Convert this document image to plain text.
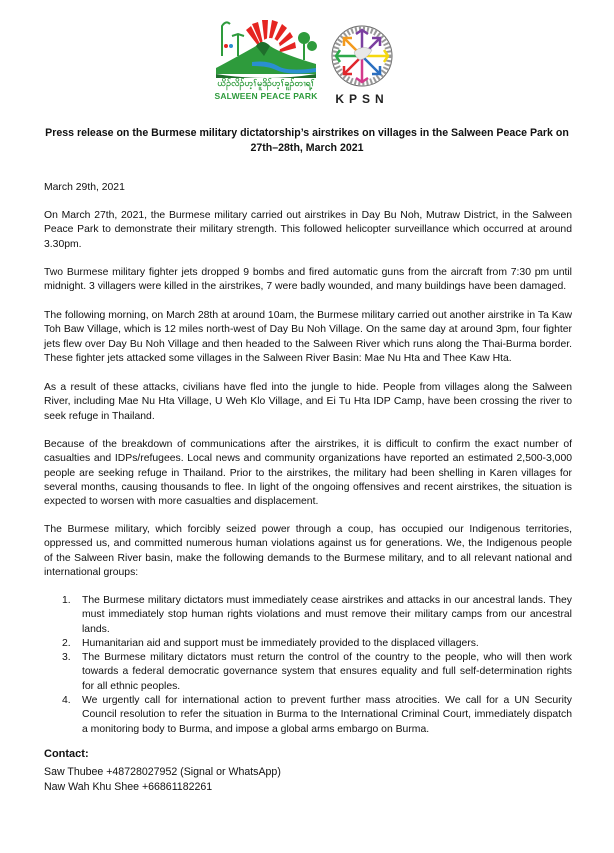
ယိၣ်လိၣ်ဟ့ၢ်မူဒိၣ်ဟ့ၢ်ခူၣ်တၢရ့ၢ်
SALWEEN PEACE PARK	KPSN
Press release on the Burmese military dictatorship’s airstrikes on villages in the Salween Peace Park on 27th–28th, March 2021

March 29th, 2021

On March 27th, 2021, the Burmese military carried out airstrikes in Day Bu Noh, Mutraw District, in the Salween Peace Park to demonstrate their military strength. This followed helicopter surveillance which occurred at around 3.30pm.

Two Burmese military fighter jets dropped 9 bombs and fired automatic guns from the aircraft from 7:30 pm until midnight. 3 villagers were killed in the airstrikes, 7 were badly wounded, and many buildings have been damaged.

The following morning, on March 28th at around 10am, the Burmese military carried out another airstrike in Ta Kaw Toh Baw Village, which is 12 miles north-west of Day Bu Noh Village. On the same day at around 3pm, four fighter jets flew over Day Bu Noh Village and then headed to the Salween River which runs along the Thai-Burma border. These fighter jets attacked some villages in the Salween River Basin: Mae Nu Hta and Thee Kaw Hta.

As a result of these attacks, civilians have fled into the jungle to hide. People from villages along the Salween River, including Mae Nu Hta Village, U Weh Klo Village, and Ei Tu Hta IDP Camp, have been crossing the river to seek refuge in Thailand.

Because of the breakdown of communications after the airstrikes, it is difficult to confirm the exact number of casualties and IDPs/refugees. Local news and community organizations have reported an estimated 2,500-3,000 people are seeking refuge in Thailand. Prior to the airstrikes, the military had been shelling in Karen villages for several months, causing thousands to flee. In light of the ongoing offensives and recent airstrikes, the situation is expected to worsen with more casualties and displacement.

The Burmese military, which forcibly seized power through a coup, has occupied our Indigenous territories, oppressed us, and committed numerous human violations against us for generations. We, the Indigenous people of the Salween River basin, make the following demands to the Burmese military, and to all relevant national and international groups:

1. The Burmese military dictators must immediately cease airstrikes and attacks in our ancestral lands. They must immediately stop human rights violations and must remove their military camps from our ancestral lands.
2. Humanitarian aid and support must be immediately provided to the displaced villagers.
3. The Burmese military dictators must return the control of the country to the people, who will then work towards a federal democratic governance system that ensures equality and full self-determination rights for all ethnic peoples.
4. We urgently call for international action to prevent further mass atrocities. We call for a UN Security Council resolution to refer the situation in Burma to the International Criminal Court, immediately dispatch a monitoring body to Burma, and impose a global arms embargo on Burma.
Contact:
Saw Thubee +48728027952 (Signal or WhatsApp)
Naw Wah Khu Shee +66861182261
